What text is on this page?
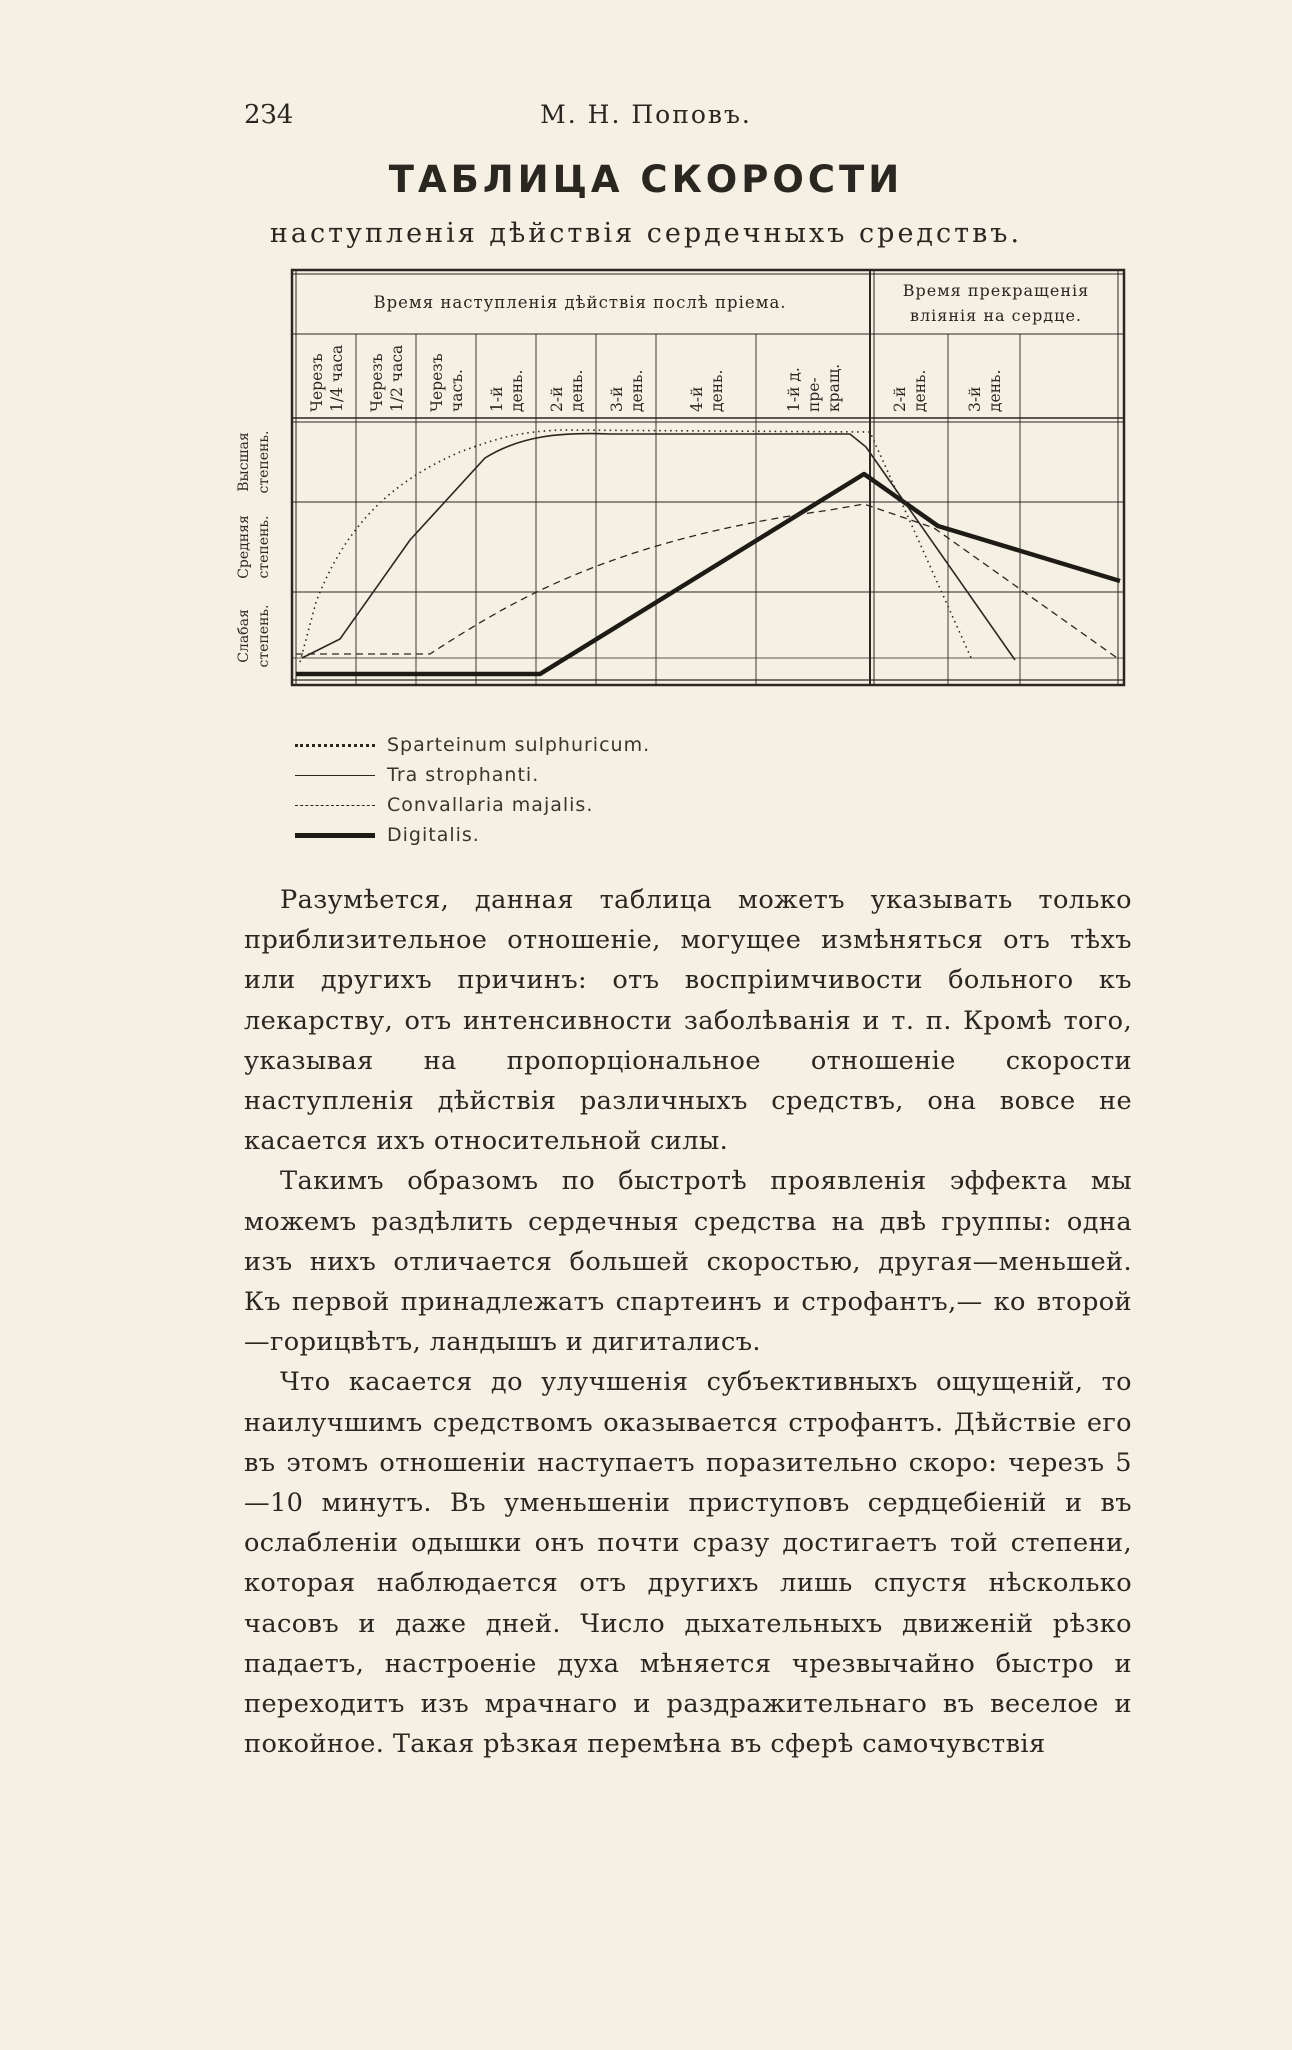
2З4	М. Н. Поповъ.
ТАБЛИЦА СКОРОСТИ
наступленія дѣйствія сердечныхъ средствъ.
Черезъ 1/4 часа Черезъ 1/2 часа Черезъ часъ. 1-й день. 2-й день. 3-й день.	4-й день.	1-й д. пре- кращ.	2-й день. 3-й день.
Время наступленія дѣйствія послѣ пріема.
Время прекращенія
вліянія на сердце.
Высшая степень.
Средняя степень.
Слабая степень.
Sparteinum sulphuricum.
Tra strophanti.
Convallaria majalis.
Digitalis.

Разумѣется, данная таблица можетъ указывать только приблизительное отношеніе, могущее измѣняться отъ тѣхъ или другихъ причинъ: отъ воспріимчивости больного къ лекарству, отъ интенсивности заболѣванія и т. п. Кромѣ того, указывая на пропорціональное отношеніе скорости наступленія дѣйствія различныхъ средствъ, она вовсе не касается ихъ относительной силы.

Такимъ образомъ по быстротѣ проявленія эффекта мы можемъ раздѣлить сердечныя средства на двѣ группы: одна изъ нихъ отличается большей скоростью, другая—меньшей. Къ первой принадлежатъ спартеинъ и строфантъ,— ко второй—горицвѣтъ, ландышъ и дигиталисъ.

Что касается до улучшенія субъективныхъ ощущеній, то наилучшимъ средствомъ оказывается строфантъ. Дѣйствіе его въ этомъ отношеніи наступаетъ поразительно скоро: черезъ 5—10 минутъ. Въ уменьшеніи приступовъ сердцебіеній и въ ослабленіи одышки онъ почти сразу достигаетъ той степени, которая наблюдается отъ другихъ лишь спустя нѣсколько часовъ и даже дней. Число дыхательныхъ движеній рѣзко падаетъ, настроеніе духа мѣняется чрезвычайно быстро и переходитъ изъ мрачнаго и раздражительнаго въ веселое и покойное. Такая рѣзкая перемѣна въ сферѣ самочувствія
